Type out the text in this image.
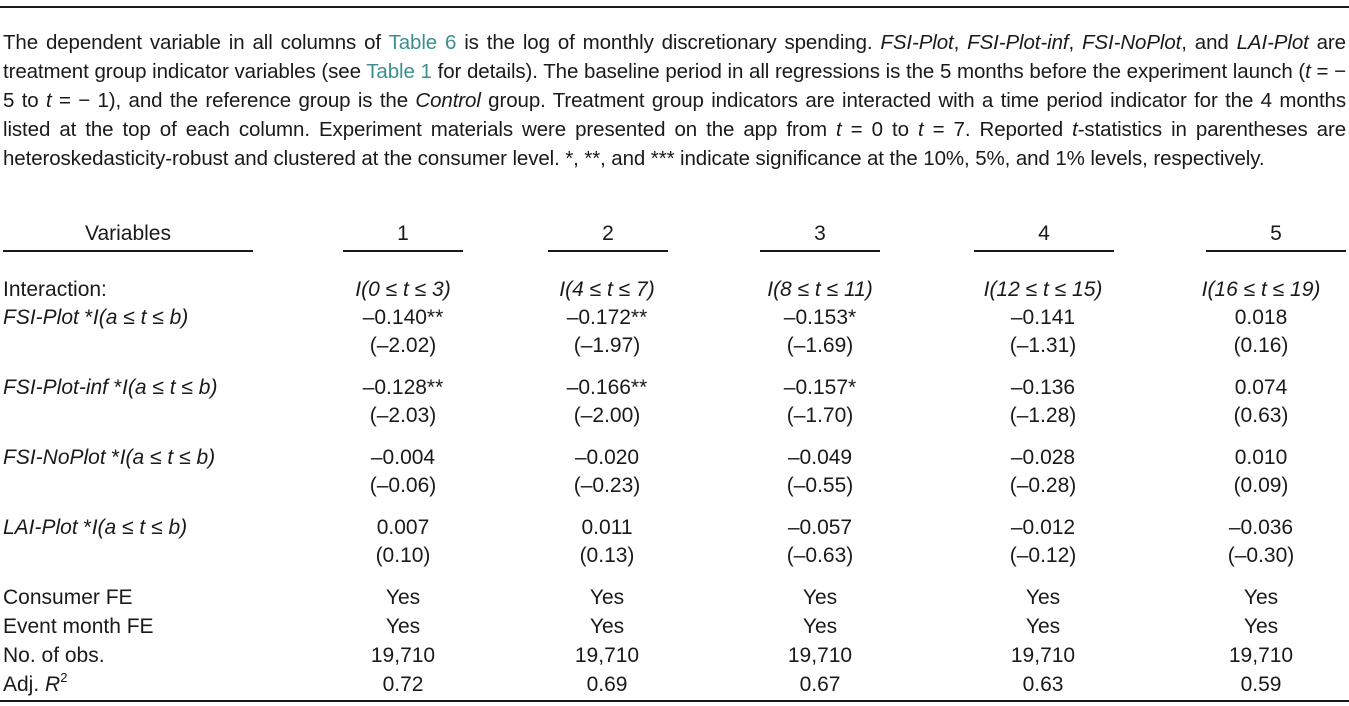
The dependent variable in all columns of Table 6 is the log of monthly discretionary spending. FSI-Plot, FSI-Plot-inf, FSI-NoPlot, and LAI-Plot are treatment group indicator variables (see Table 1 for details). The baseline period in all regressions is the 5 months before the experiment launch (t = − 5 to t = − 1), and the reference group is the Control group. Treatment group indicators are interacted with a time period indicator for the 4 months listed at the top of each column. Experiment materials were presented on the app from t = 0 to t = 7. Reported t-statistics in parentheses are heteroskedasticity-robust and clustered at the consumer level. *, **, and *** indicate significance at the 10%, 5%, and 1% levels, respectively.

Variables	1	2	3	4	5
Interaction:	I(0 ≤ t ≤ 3)	I(4 ≤ t ≤ 7)	I(8 ≤ t ≤ 11)	I(12 ≤ t ≤ 15)	I(16 ≤ t ≤ 19)
FSI-Plot *I(a ≤ t ≤ b)	–0.140**	–0.172**	–0.153*	–0.141	0.018
(–2.02)	(–1.97)	(–1.69)	(–1.31)	(0.16)
FSI-Plot-inf *I(a ≤ t ≤ b)	–0.128**	–0.166**	–0.157*	–0.136	0.074
(–2.03)	(–2.00)	(–1.70)	(–1.28)	(0.63)
FSI-NoPlot *I(a ≤ t ≤ b)	–0.004	–0.020	–0.049	–0.028	0.010
(–0.06)	(–0.23)	(–0.55)	(–0.28)	(0.09)
LAI-Plot *I(a ≤ t ≤ b)	0.007	0.011	–0.057	–0.012	–0.036
(0.10)	(0.13)	(–0.63)	(–0.12)	(–0.30)
Consumer FE	Yes	Yes	Yes	Yes	Yes
Event month FE	Yes	Yes	Yes	Yes	Yes
No. of obs.	19,710	19,710	19,710	19,710	19,710
Adj. $R^2$	0.72	0.69	0.67	0.63	0.59
